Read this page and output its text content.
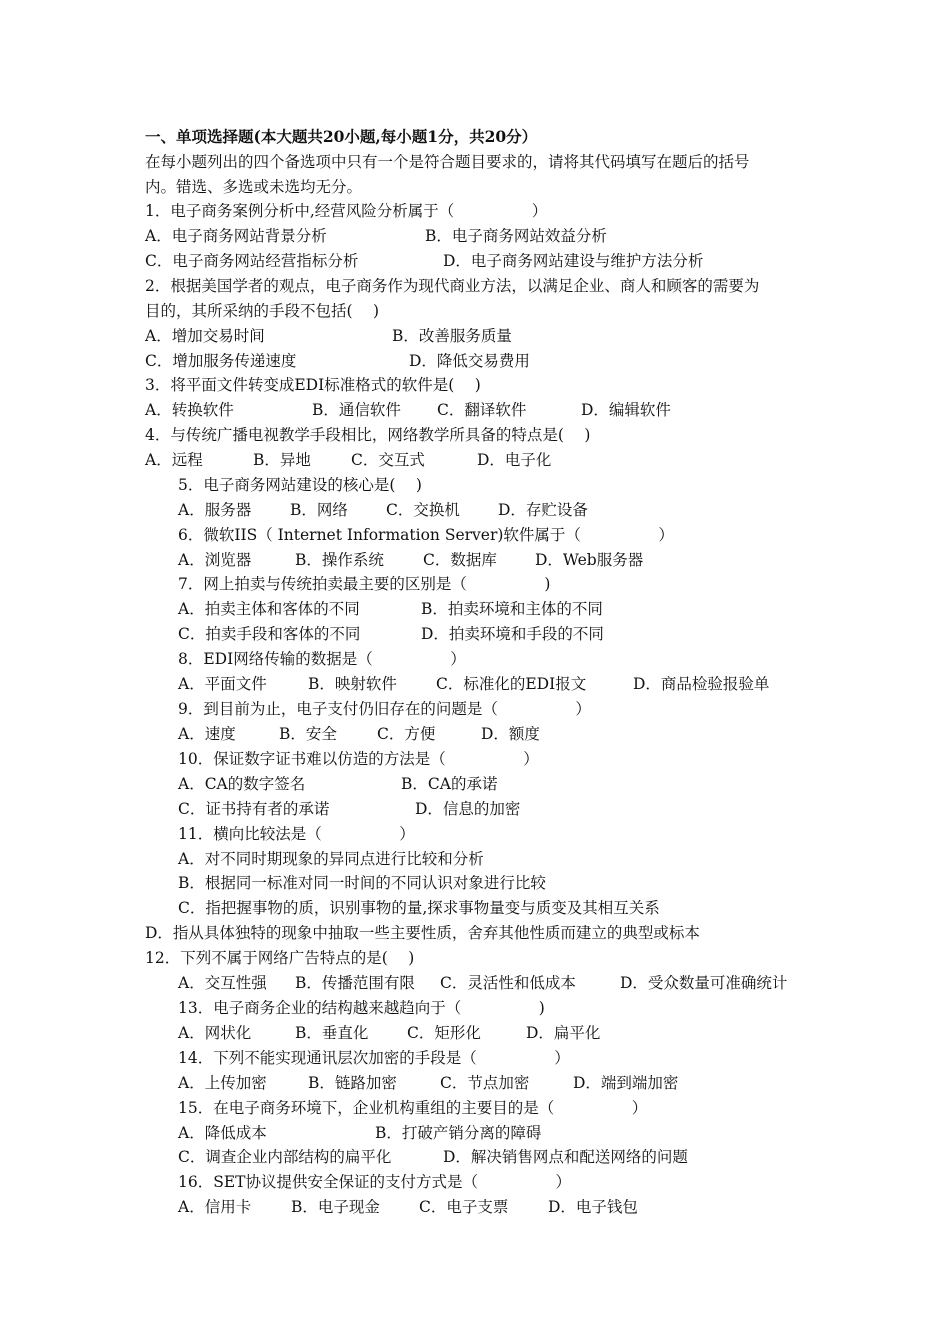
一、单项选择题(本大题共20小题,每小题1分，共20分）
在每小题列出的四个备选项中只有一个是符合题目要求的，请将其代码填写在题后的括号
内。错选、多选或未选均无分。
1．电子商务案例分析中,经营风险分析属于（　　　　　）
A．电子商务网站背景分析	B．电子商务网站效益分析
C．电子商务网站经营指标分析	D．电子商务网站建设与维护方法分析
2．根据美国学者的观点，电子商务作为现代商业方法，以满足企业、商人和顾客的需要为
目的，其所采纳的手段不包括(　 )
A．增加交易时间	B．改善服务质量
C．增加服务传递速度	D．降低交易费用
3．将平面文件转变成EDI标准格式的软件是(　 )
A．转换软件	B．通信软件 C．翻译软件	D．编辑软件
4．与传统广播电视教学手段相比，网络教学所具备的特点是(　 )
A．远程	B．异地	C．交互式	D．电子化
5．电子商务网站建设的核心是(　 )
A．服务器	B．网络 C．交换机 D．存贮设备
6．微软IIS（ Internet Information Server)软件属于（　　　　　）
A．浏览器	B．操作系统	C．数据库 D．Web服务器
7．网上拍卖与传统拍卖最主要的区别是（　　　　　)
A．拍卖主体和客体的不同	B．拍卖环境和主体的不同
C．拍卖手段和客体的不同	D．拍卖环境和手段的不同
8．EDI网络传输的数据是（　　　　　）
A．平面文件	B．映射软件	C．标准化的EDI报文	D．商品检验报验单
9．到目前为止，电子支付仍旧存在的问题是（　　　　　）
A．速度	B．安全	C．方便	D．额度
10．保证数字证书难以仿造的方法是（　　　　　）
A．CA的数字签名	B．CA的承诺
C．证书持有者的承诺	D．信息的加密
11．横向比较法是（　　　　　）
A．对不同时期现象的异同点进行比较和分析
B．根据同一标准对同一时间的不同认识对象进行比较
C．指把握事物的质，识别事物的量,探求事物量变与质变及其相互关系
D．指从具体独特的现象中抽取一些主要性质，舍弃其他性质而建立的典型或标本
12．下列不属于网络广告特点的是(　 )
A．交互性强 B．传播范围有限 C．灵活性和低成本	D．受众数量可准确统计
13．电子商务企业的结构越来越趋向于（　　　　　)
A．网状化	B．垂直化 C．矩形化	D．扁平化
14．下列不能实现通讯层次加密的手段是（　　　　　）
A．上传加密	B．链路加密	C．节点加密	D．端到端加密
15．在电子商务环境下，企业机构重组的主要目的是（　　　　　）
A．降低成本	B．打破产销分离的障碍
C．调查企业内部结构的扁平化	D．解决销售网点和配送网络的问题
16．SET协议提供安全保证的支付方式是（　　　　　）
A．信用卡	B．电子现金	C．电子支票	D．电子钱包
